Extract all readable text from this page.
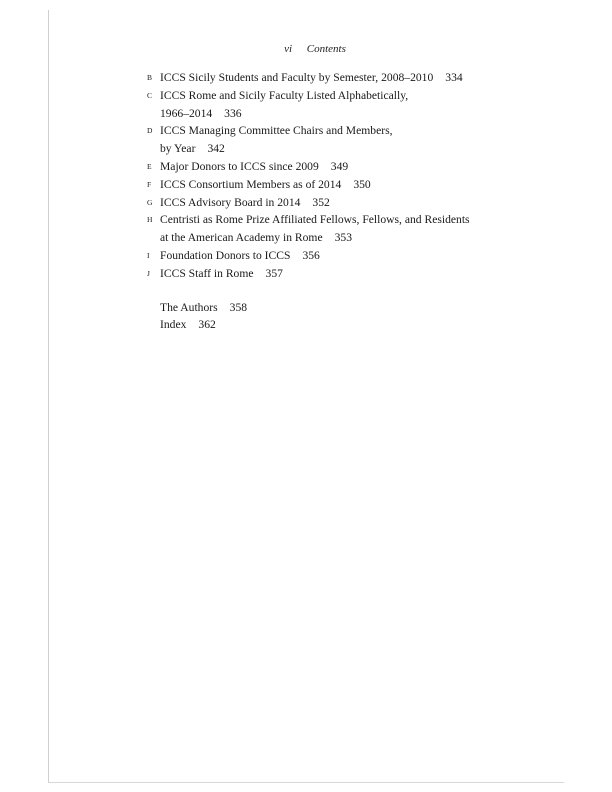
vi Contents
B ICCS Sicily Students and Faculty by Semester, 2008–2010 334
C ICCS Rome and Sicily Faculty Listed Alphabetically,
1966–2014 336
D ICCS Managing Committee Chairs and Members,
by Year 342
E Major Donors to ICCS since 2009 349
F ICCS Consortium Members as of 2014 350
G ICCS Advisory Board in 2014 352
H Centristi as Rome Prize Affiliated Fellows, Fellows, and Residents
at the American Academy in Rome 353
I Foundation Donors to ICCS 356
J ICCS Staff in Rome 357
The Authors 358
Index 362
